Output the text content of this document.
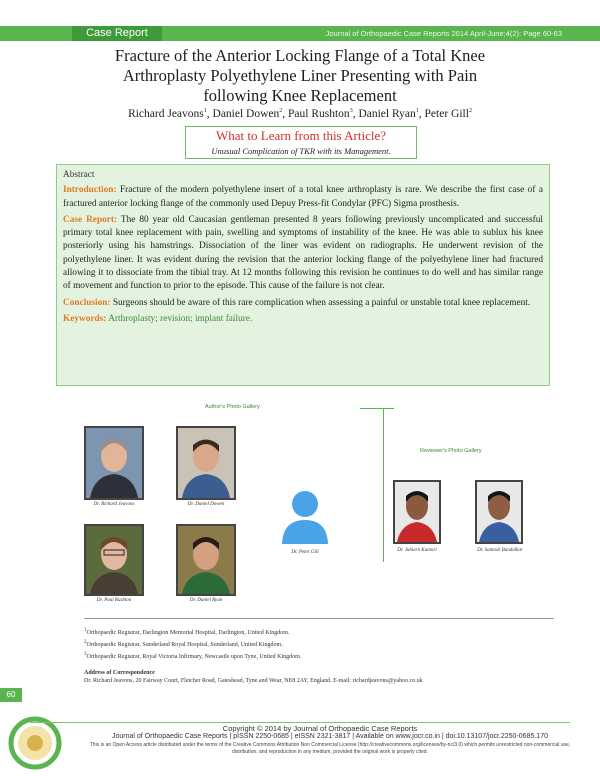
Case Report	Journal of Orthopaedic Case Reports 2014 April-June;4(2): Page 60-63
Fracture of the Anterior Locking Flange of a Total Knee
Arthroplasty Polyethylene Liner Presenting with Pain
following Knee Replacement
Richard Jeavons$^1$, Daniel Dowen$^2$, Paul Rushton$^3$, Daniel Ryan$^1$, Peter Gill$^2$
What to Learn from this Article?
Unusual Complication of TKR with its Management.
Abstract

Introduction: Fracture of the modern polyethylene insert of a total knee arthroplasty is rare. We describe the first case of a fractured anterior locking flange of the commonly used Depuy Press-fit Condylar (PFC) Sigma prosthesis.

Case Report: The 80 year old Caucasian gentleman presented 8 years following previously uncomplicated and successful primary total knee replacement with pain, swelling and symptoms of instability of the knee. He was able to sublux his knee posteriorly using his hamstrings. Dissociation of the liner was evident on radiographs. He underwent revision of the polyethylene liner. It was evident during the revision that the anterior locking flange of the polyethylene liner had fractured allowing it to dissociate from the tibial tray. At 12 months following this revision he continues to do well and has similar range of movement and function to prior to the episode. This cause of the failure is not clear.

Conclusion: Surgeons should be aware of this rare complication when assessing a painful or unstable total knee replacement.

Keywords: Arthroplasty; revision; implant failure.

Author's Photo Gallery
Dr. Richard Jeavons	Dr. Daniel Dowen
Dr. Paul Rushton	Dr. Daniel Ryan
Dr. Peter Gill
Reviewer's Photo Gallery
Dr. Jubiern Kantari	Dr. Santosh Bandalkar
$^1$Orthopaedic Registrar, Darlington Memorial Hospital, Darlington, United Kingdom.
$^2$Orthopaedic Registrar, Sunderland Royal Hospital, Sunderland, United Kingdom.
$^3$Orthopaedic Registrar, Royal Victoria Infirmary, Newcastle upon Tyne, United Kingdom.
Address of Correspondence
Dr. Richard Jeavons, 20 Fairway Court, Fletcher Road, Gateshead, Tyne and Wear, NE8 2AY, England. E-mail: richardjeavons@yahoo.co.uk
60
Copyright © 2014 by Journal of Orthopaedic Case Reports
Journal of Orthopaedic Case Reports | pISSN 2250-0685 | eISSN 2321-3817 | Available on www.jocr.co.in | doi:10.13107/jocr.2250-0685.170
This is an Open Access article distributed under the terms of the Creative Commons Attribution Non Commercial License (http://creativecommons.org/licenses/by-nc/3.0) which permits unrestricted non-commercial use, distribution, and reproduction in any medium, provided the original work is properly cited.
